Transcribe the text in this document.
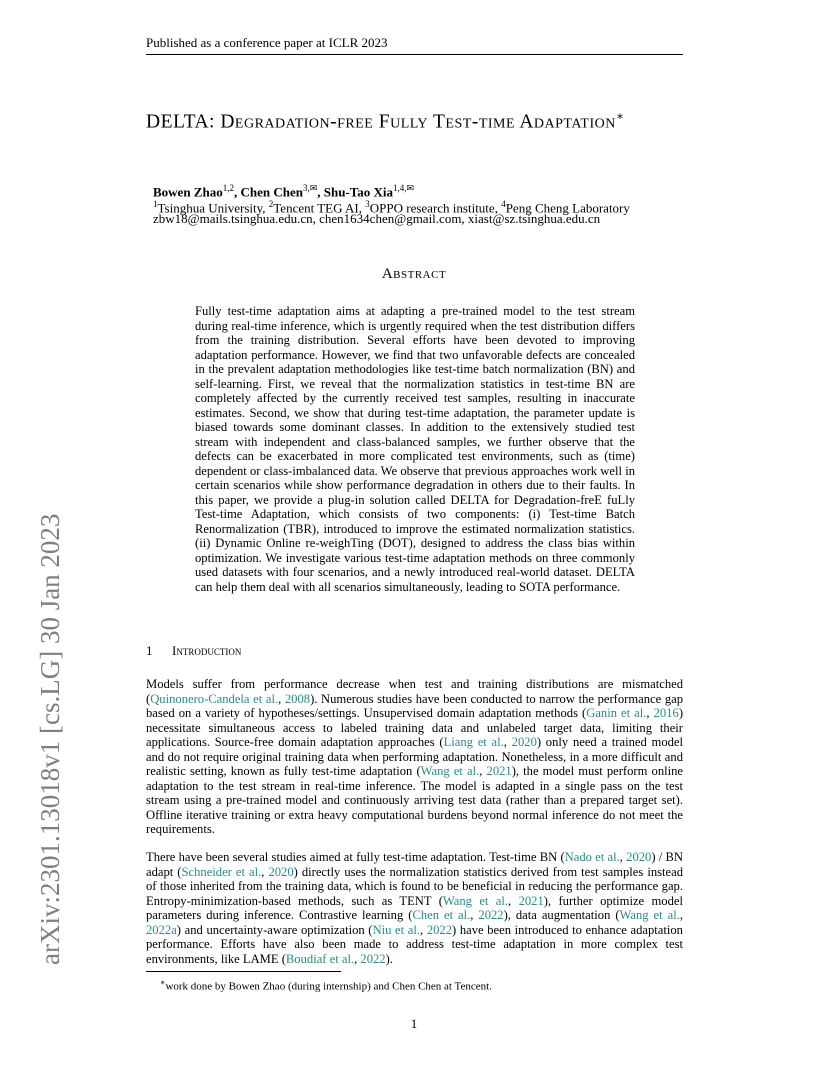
Published as a conference paper at ICLR 2023
arXiv:2301.13018v1 [cs.LG] 30 Jan 2023
DELTA: Degradation-free Fully Test-time Adaptation∗
Bowen Zhao$^{1,2}$, Chen Chen$^{3,✉}$, Shu-Tao Xia$^{1,4,✉}$
$^1$Tsinghua University, $^2$Tencent TEG AI, $^3$OPPO research institute, $^4$Peng Cheng Laboratory
zbw18@mails.tsinghua.edu.cn, chen1634chen@gmail.com, xiast@sz.tsinghua.edu.cn
Abstract
Fully test-time adaptation aims at adapting a pre-trained model to the test stream during real-time inference, which is urgently required when the test distribution differs from the training distribution. Several efforts have been devoted to improving adaptation performance. However, we find that two unfavorable defects are concealed in the prevalent adaptation methodologies like test-time batch normalization (BN) and self-learning. First, we reveal that the normalization statistics in test-time BN are completely affected by the currently received test samples, resulting in inaccurate estimates. Second, we show that during test-time adaptation, the parameter update is biased towards some dominant classes. In addition to the extensively studied test stream with independent and class-balanced samples, we further observe that the defects can be exacerbated in more complicated test environments, such as (time) dependent or class-imbalanced data. We observe that previous approaches work well in certain scenarios while show performance degradation in others due to their faults. In this paper, we provide a plug-in solution called DELTA for Degradation-freE fuLly Test-time Adaptation, which consists of two components: (i) Test-time Batch Renormalization (TBR), introduced to improve the estimated normalization statistics. (ii) Dynamic Online re-weighTing (DOT), designed to address the class bias within optimization. We investigate various test-time adaptation methods on three commonly used datasets with four scenarios, and a newly introduced real-world dataset. DELTA can help them deal with all scenarios simultaneously, leading to SOTA performance.
1 Introduction
Models suffer from performance decrease when test and training distributions are mismatched (Quinonero-Candela et al., 2008). Numerous studies have been conducted to narrow the performance gap based on a variety of hypotheses/settings. Unsupervised domain adaptation methods (Ganin et al., 2016) necessitate simultaneous access to labeled training data and unlabeled target data, limiting their applications. Source-free domain adaptation approaches (Liang et al., 2020) only need a trained model and do not require original training data when performing adaptation. Nonetheless, in a more difficult and realistic setting, known as fully test-time adaptation (Wang et al., 2021), the model must perform online adaptation to the test stream in real-time inference. The model is adapted in a single pass on the test stream using a pre-trained model and continuously arriving test data (rather than a prepared target set). Offline iterative training or extra heavy computational burdens beyond normal inference do not meet the requirements.
There have been several studies aimed at fully test-time adaptation. Test-time BN (Nado et al., 2020) / BN adapt (Schneider et al., 2020) directly uses the normalization statistics derived from test samples instead of those inherited from the training data, which is found to be beneficial in reducing the performance gap. Entropy-minimization-based methods, such as TENT (Wang et al., 2021), further optimize model parameters during inference. Contrastive learning (Chen et al., 2022), data augmentation (Wang et al., 2022a) and uncertainty-aware optimization (Niu et al., 2022) have been introduced to enhance adaptation performance. Efforts have also been made to address test-time adaptation in more complex test environments, like LAME (Boudiaf et al., 2022).
∗work done by Bowen Zhao (during internship) and Chen Chen at Tencent.
1
